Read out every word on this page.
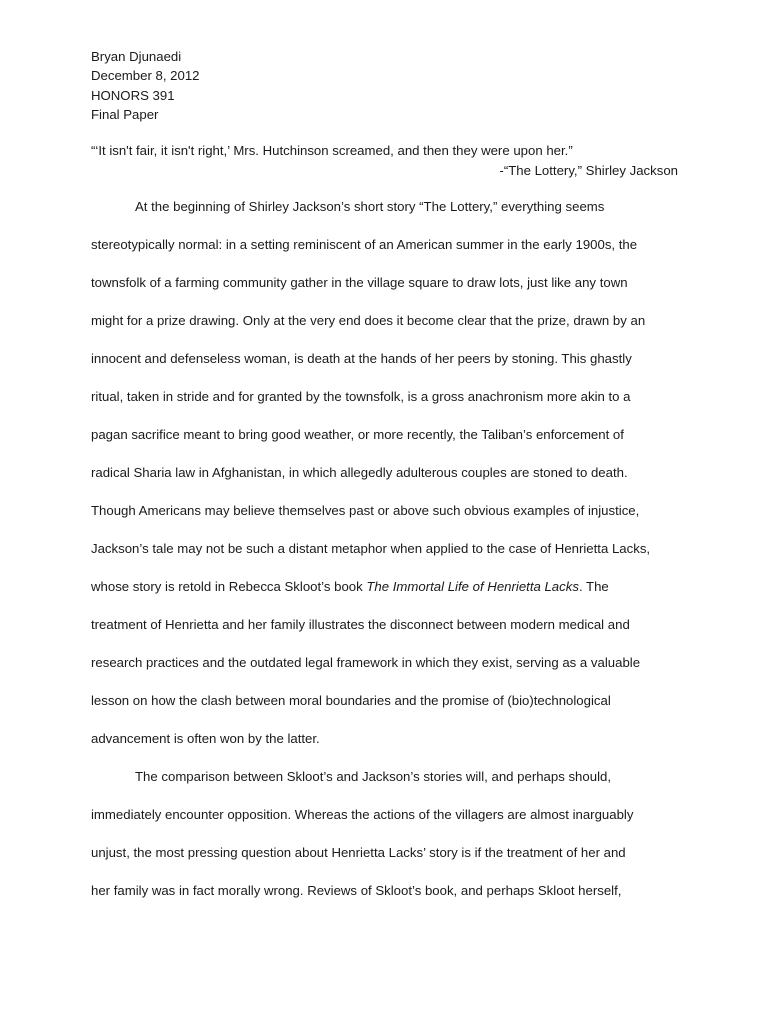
Bryan Djunaedi
December 8, 2012
HONORS 391
Final Paper
“‘It isn't fair, it isn't right,’ Mrs. Hutchinson screamed, and then they were upon her.”
-“The Lottery,” Shirley Jackson
At the beginning of Shirley Jackson’s short story “The Lottery,” everything seems
stereotypically normal: in a setting reminiscent of an American summer in the early 1900s, the
townsfolk of a farming community gather in the village square to draw lots, just like any town
might for a prize drawing. Only at the very end does it become clear that the prize, drawn by an
innocent and defenseless woman, is death at the hands of her peers by stoning. This ghastly
ritual, taken in stride and for granted by the townsfolk, is a gross anachronism more akin to a
pagan sacrifice meant to bring good weather, or more recently, the Taliban’s enforcement of
radical Sharia law in Afghanistan, in which allegedly adulterous couples are stoned to death.
Though Americans may believe themselves past or above such obvious examples of injustice,
Jackson’s tale may not be such a distant metaphor when applied to the case of Henrietta Lacks,
whose story is retold in Rebecca Skloot’s book The Immortal Life of Henrietta Lacks. The
treatment of Henrietta and her family illustrates the disconnect between modern medical and
research practices and the outdated legal framework in which they exist, serving as a valuable
lesson on how the clash between moral boundaries and the promise of (bio)technological
advancement is often won by the latter.
The comparison between Skloot’s and Jackson’s stories will, and perhaps should,
immediately encounter opposition. Whereas the actions of the villagers are almost inarguably
unjust, the most pressing question about Henrietta Lacks’ story is if the treatment of her and
her family was in fact morally wrong. Reviews of Skloot’s book, and perhaps Skloot herself,
